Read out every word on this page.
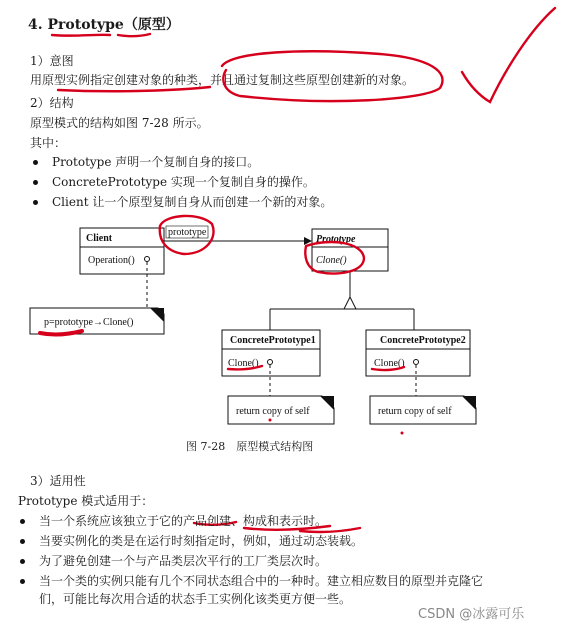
4. Prototype（原型）
1）意图
用原型实例指定创建对象的种类，并且通过复制这些原型创建新的对象。
2）结构
原型模式的结构如图 7-28 所示。
其中：
Prototype 声明一个复制自身的接口。
ConcretePrototype 实现一个复制自身的操作。
Client 让一个原型复制自身从而创建一个新的对象。
Client
Operation()
p=prototype→Clone()
prototype
Prototype
Clone()
ConcretePrototype1
Clone()
return copy of self
ConcretePrototype2
Clone()
return copy of self
图 7-28　原型模式结构图
3）适用性
Prototype 模式适用于：
当一个系统应该独立于它的产品创建、构成和表示时。
当要实例化的类是在运行时刻指定时，例如，通过动态装载。
为了避免创建一个与产品类层次平行的工厂类层次时。
当一个类的实例只能有几个不同状态组合中的一种时。建立相应数目的原型并克隆它
们，可能比每次用合适的状态手工实例化该类更方便一些。
CSDN @冰露可乐
